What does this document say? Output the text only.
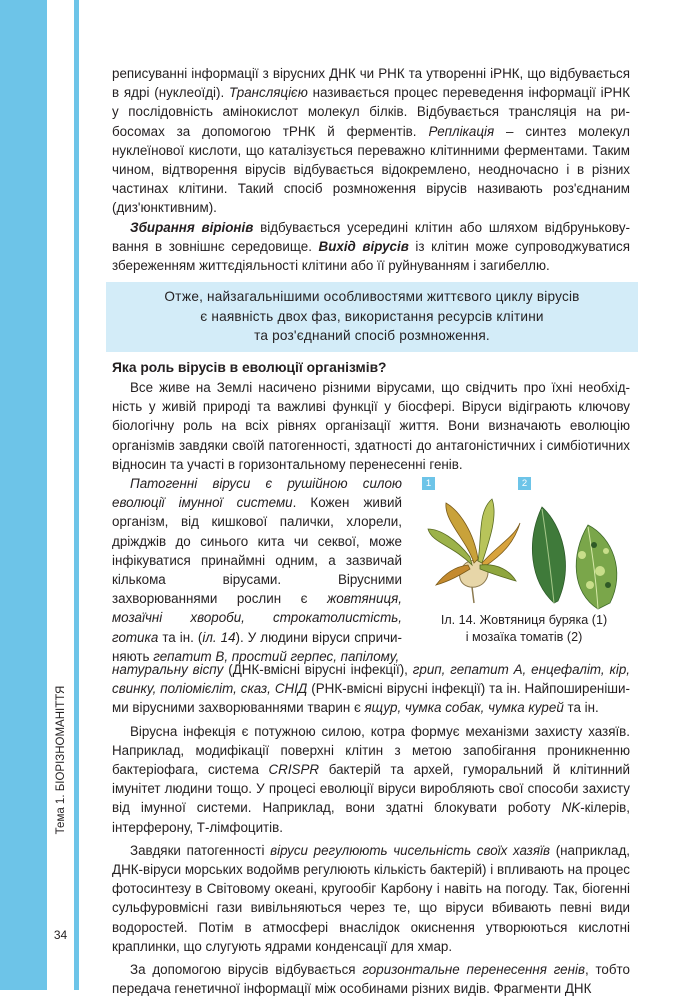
Тема 1. БІОРІЗНОМАНІТТЯ
34

реписуванні інформації з вірусних ДНК чи РНК та утворенні іРНК, що відбувається в ядрі (нуклеоїді). Трансляцією називається процес переведення інформації іРНК у послідовність амінокислот молекул білків. Відбувається трансляція на рибосомах за допомогою тРНК й ферментів. Реплікація – синтез молекул нуклеїнової кислоти, що каталізується переважно клітинними ферментами. Таким чином, відтворення вірусів відбувається відокремлено, неодночасно і в різних частинах клітини. Такий спосіб розмноження вірусів називають роз'єднаним (диз'юнктивним).

Збирання віріонів відбувається усередині клітин або шляхом відбруньковування в зовнішнє середовище. Вихід вірусів із клітин може супроводжуватися збереженням життєдіяльності клітини або її руйнуванням і загибеллю.

Отже, найзагальнішими особливостями життєвого циклу вірусів
є наявність двох фаз, використання ресурсів клітини
та роз'єднаний спосіб розмноження.
Яка роль вірусів в еволюції організмів?

Все живе на Землі насичено різними вірусами, що свідчить про їхні необхідність у живій природі та важливі функції у біосфері. Віруси відіграють ключову біологічну роль на всіх рівнях організації життя. Вони визначають еволюцію організмів завдяки своїй патогенності, здатності до антагоністичних і симбіотичних відносин та участі в горизонтальному перенесенні генів.

Патогенні віруси є рушійною силою еволюції імунної системи. Кожен живий організм, від кишкової палички, хлорели, дріжджів до синього кита чи секвої, може інфікуватися принаймні одним, а зазвичай кількома вірусами. Вірусними захворюваннями рослин є жовтяниця, мозаїчні хвороби, строкатолистість, готика та ін. (іл. 14). У людини віруси спричиняють гепатит В, простий герпес, папілому,

1	2
Іл. 14. Жовтяниця буряка (1)
і мозаїка томатів (2)

натуральну віспу (ДНК-вмісні вірусні інфекції), грип, гепатит А, енцефаліт, кір, свинку, поліомієліт, сказ, СНІД (РНК-вмісні вірусні інфекції) та ін. Найпоширенішими вірусними захворюваннями тварин є ящур, чумка собак, чумка курей та ін.

Вірусна інфекція є потужною силою, котра формує механізми захисту хазяїв. Наприклад, модифікації поверхні клітин з метою запобігання проникненню бактеріофага, система CRISPR бактерій та архей, гуморальний й клітинний імунітет людини тощо. У процесі еволюції віруси виробляють свої способи захисту від імунної системи. Наприклад, вони здатні блокувати роботу NK-кілерів, інтерферону, Т-лімфоцитів.

Завдяки патогенності віруси регулюють чисельність своїх хазяїв (наприклад, ДНК-віруси морських водоймв регулюють кількість бактерій) і впливають на процес фотосинтезу в Світовому океані, кругообіг Карбону і навіть на погоду. Так, біогенні сульфуровмісні гази вивільняються через те, що віруси вбивають певні види водоростей. Потім в атмосфері внаслідок окиснення утворюються кислотні краплинки, що слугують ядрами конденсації для хмар.

За допомогою вірусів відбувається горизонтальне перенесення генів, тобто передача генетичної інформації між особинами різних видів. Фрагменти ДНК
